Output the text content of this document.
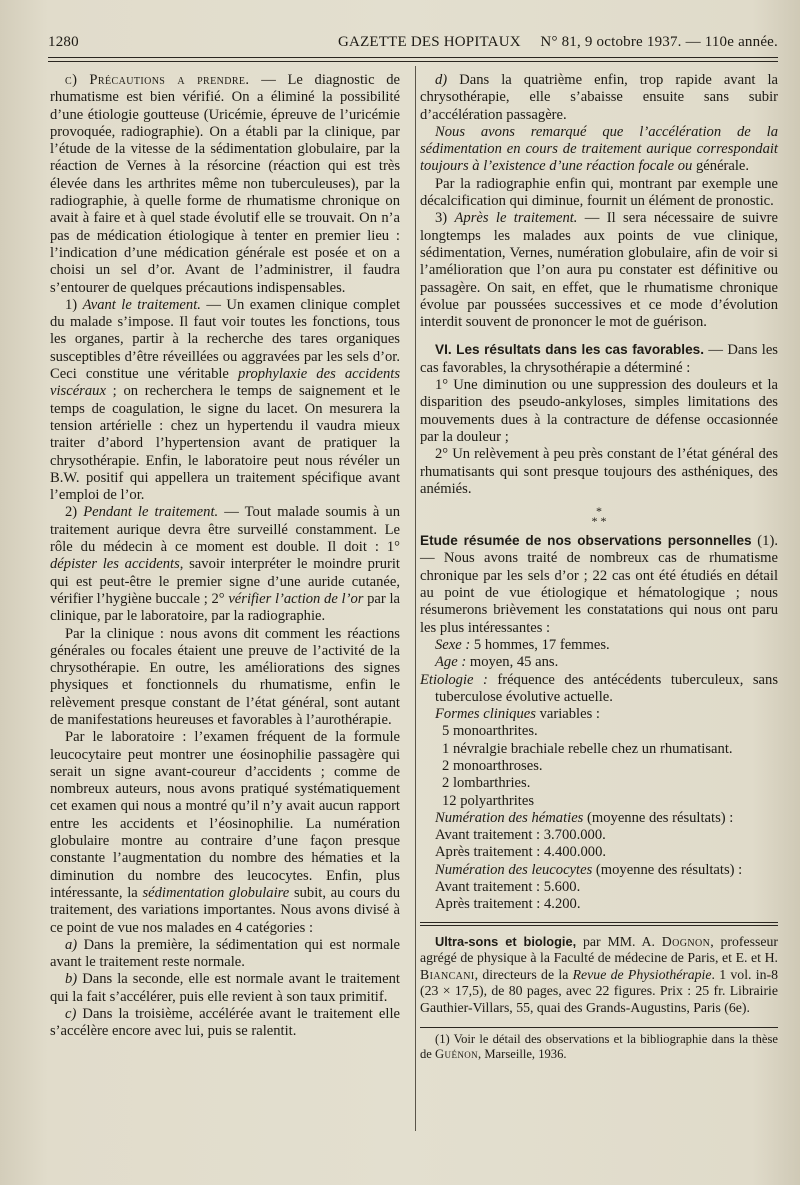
1280	GAZETTE DES HOPITAUX N° 81, 9 octobre 1937. — 110e année.

c) Précautions a prendre. — Le diagnostic de rhumatisme est bien vérifié. On a éliminé la possibilité d’une étiologie goutteuse (Uricémie, épreuve de l’uricémie provoquée, radiographie). On a établi par la clinique, par l’étude de la vitesse de la sédimentation globulaire, par la réaction de Vernes à la résorcine (réaction qui est très élevée dans les arthrites même non tuberculeuses), par la radiographie, à quelle forme de rhumatisme chronique on avait à faire et à quel stade évolutif elle se trouvait. On n’a pas de médication étiologique à tenter en premier lieu : l’indication d’une médication générale est posée et on a choisi un sel d’or. Avant de l’administrer, il faudra s’entourer de quelques précautions indispensables.

1) Avant le traitement. — Un examen clinique complet du malade s’impose. Il faut voir toutes les fonctions, tous les organes, partir à la recherche des tares organiques susceptibles d’être réveillées ou aggravées par les sels d’or. Ceci constitue une véritable prophylaxie des accidents viscéraux ; on recherchera le temps de saignement et le temps de coagulation, le signe du lacet. On mesurera la tension artérielle : chez un hypertendu il vaudra mieux traiter d’abord l’hypertension avant de pratiquer la chrysothérapie. Enfin, le laboratoire peut nous révéler un B.W. positif qui appellera un traitement spécifique avant l’emploi de l’or.

2) Pendant le traitement. — Tout malade soumis à un traitement aurique devra être surveillé constamment. Le rôle du médecin à ce moment est double. Il doit : 1° dépister les accidents, savoir interpréter le moindre prurit qui est peut-être le premier signe d’une auride cutanée, vérifier l’hygiène buccale ; 2° vérifier l’action de l’or par la clinique, par le laboratoire, par la radiographie.

Par la clinique : nous avons dit comment les réactions générales ou focales étaient une preuve de l’activité de la chrysothérapie. En outre, les améliorations des signes physiques et fonctionnels du rhumatisme, enfin le relèvement presque constant de l’état général, sont autant de manifestations heureuses et favorables à l’aurothérapie.

Par le laboratoire : l’examen fréquent de la formule leucocytaire peut montrer une éosinophilie passagère qui serait un signe avant-coureur d’accidents ; comme de nombreux auteurs, nous avons pratiqué systématiquement cet examen qui nous a montré qu’il n’y avait aucun rapport entre les accidents et l’éosinophilie. La numération globulaire montre au contraire d’une façon presque constante l’augmentation du nombre des hématies et la diminution du nombre des leucocytes. Enfin, plus intéressante, la sédimentation globulaire subit, au cours du traitement, des variations importantes. Nous avons divisé à ce point de vue nos malades en 4 catégories :

a) Dans la première, la sédimentation qui est normale avant le traitement reste normale.

b) Dans la seconde, elle est normale avant le traitement qui la fait s’accélérer, puis elle revient à son taux primitif.

c) Dans la troisième, accélérée avant le traitement elle s’accélère encore avec lui, puis se ralentit.

d) Dans la quatrième enfin, trop rapide avant la chrysothérapie, elle s’abaisse ensuite sans subir d’accélération passagère.

Nous avons remarqué que l’accélération de la sédimentation en cours de traitement aurique correspondait toujours à l’existence d’une réaction focale ou générale.

Par la radiographie enfin qui, montrant par exemple une décalcification qui diminue, fournit un élément de pronostic.

3) Après le traitement. — Il sera nécessaire de suivre longtemps les malades aux points de vue clinique, sédimentation, Vernes, numération globulaire, afin de voir si l’amélioration que l’on aura pu constater est définitive ou passagère. On sait, en effet, que le rhumatisme chronique évolue par poussées successives et ce mode d’évolution interdit souvent de prononcer le mot de guérison.

VI. Les résultats dans les cas favorables. — Dans les cas favorables, la chrysothérapie a déterminé :

1° Une diminution ou une suppression des douleurs et la disparition des pseudo-ankyloses, simples limitations des mouvements dues à la contracture de défense occasionnée par la douleur ;

2° Un relèvement à peu près constant de l’état général des rhumatisants qui sont presque toujours des asthéniques, des anémiés.

*
* *

Etude résumée de nos observations personnelles (1). — Nous avons traité de nombreux cas de rhumatisme chronique par les sels d’or ; 22 cas ont été étudiés en détail au point de vue étiologique et hématologique ; nous résumerons brièvement les constatations qui nous ont paru les plus intéressantes :

Sexe : 5 hommes, 17 femmes.

Age : moyen, 45 ans.

Etiologie : fréquence des antécédents tuberculeux, sans tuberculose évolutive actuelle.

Formes cliniques variables :

5 monoarthrites.

1 névralgie brachiale rebelle chez un rhumatisant.

2 monoarthroses.

2 lombarthries.

12 polyarthrites

Numération des hématies (moyenne des résultats) :

Avant traitement : 3.700.000.

Après traitement : 4.400.000.

Numération des leucocytes (moyenne des résultats) :

Avant traitement : 5.600.

Après traitement : 4.200.

Ultra-sons et biologie, par MM. A. Dognon, professeur agrégé de physique à la Faculté de médecine de Paris, et E. et H. Biancani, directeurs de la Revue de Physiothérapie. 1 vol. in-8 (23 × 17,5), de 80 pages, avec 22 figures. Prix : 25 fr. Librairie Gauthier-Villars, 55, quai des Grands-Augustins, Paris (6e).

(1) Voir le détail des observations et la bibliographie dans la thèse de Guénon, Marseille, 1936.
